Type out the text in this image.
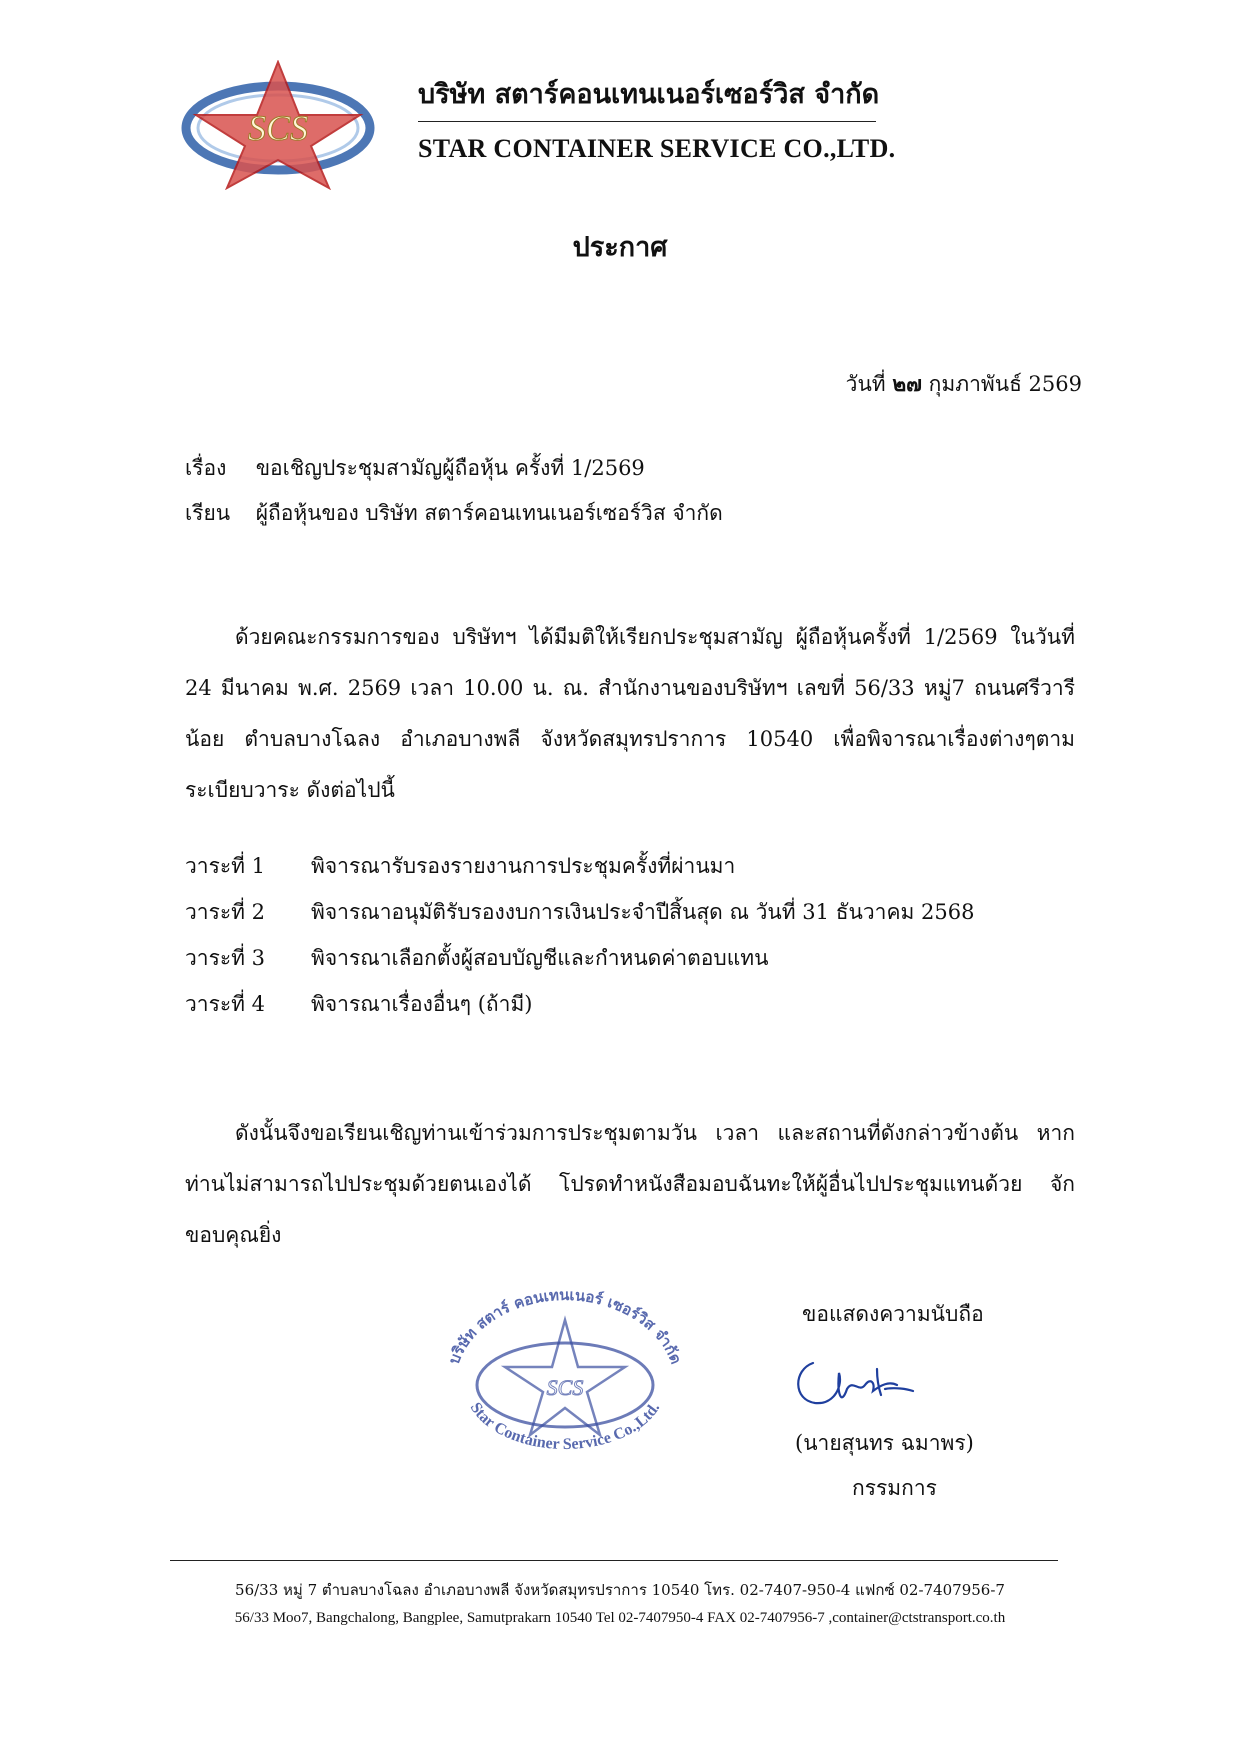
SCS
บริษัท สตาร์คอนเทนเนอร์เซอร์วิส จำกัด
STAR CONTAINER SERVICE CO.,LTD.
ประกาศ
วันที่ ๒๗ กุมภาพันธ์ 2569
เรื่อง ขอเชิญประชุมสามัญผู้ถือหุ้น ครั้งที่ 1/2569
เรียน ผู้ถือหุ้นของ บริษัท สตาร์คอนเทนเนอร์เซอร์วิส จำกัด
ด้วยคณะกรรมการของ บริษัทฯ ได้มีมติให้เรียกประชุมสามัญ ผู้ถือหุ้นครั้งที่ 1/2569 ในวันที่ 24 มีนาคม พ.ศ. 2569 เวลา 10.00 น. ณ. สำนักงานของบริษัทฯ เลขที่ 56/33 หมู่7 ถนนศรีวารีน้อย ตำบลบางโฉลง อำเภอบางพลี จังหวัดสมุทรปราการ 10540 เพื่อพิจารณาเรื่องต่างๆตามระเบียบวาระ ดังต่อไปนี้
วาระที่ 1 พิจารณารับรองรายงานการประชุมครั้งที่ผ่านมา
วาระที่ 2 พิจารณาอนุมัติรับรองงบการเงินประจำปีสิ้นสุด ณ วันที่ 31 ธันวาคม 2568
วาระที่ 3 พิจารณาเลือกตั้งผู้สอบบัญชีและกำหนดค่าตอบแทน
วาระที่ 4 พิจารณาเรื่องอื่นๆ (ถ้ามี)
ดังนั้นจึงขอเรียนเชิญท่านเข้าร่วมการประชุมตามวัน เวลา และสถานที่ดังกล่าวข้างต้น หากท่านไม่สามารถไปประชุมด้วยตนเองได้ โปรดทำหนังสือมอบฉันทะให้ผู้อื่นไปประชุมแทนด้วย จักขอบคุณยิ่ง
SCS
บริษัท สตาร์ คอนเทนเนอร์ เซอร์วิส จำกัด
Star Container Service Co.,Ltd.
ขอแสดงความนับถือ
(นายสุนทร ฉมาพร)
กรรมการ
56/33 หมู่ 7 ตำบลบางโฉลง อำเภอบางพลี จังหวัดสมุทรปราการ 10540 โทร. 02-7407-950-4 แฟกซ์ 02-7407956-7
56/33 Moo7, Bangchalong, Bangplee, Samutprakarn 10540 Tel 02-7407950-4 FAX 02-7407956-7 ,container@ctstransport.co.th
